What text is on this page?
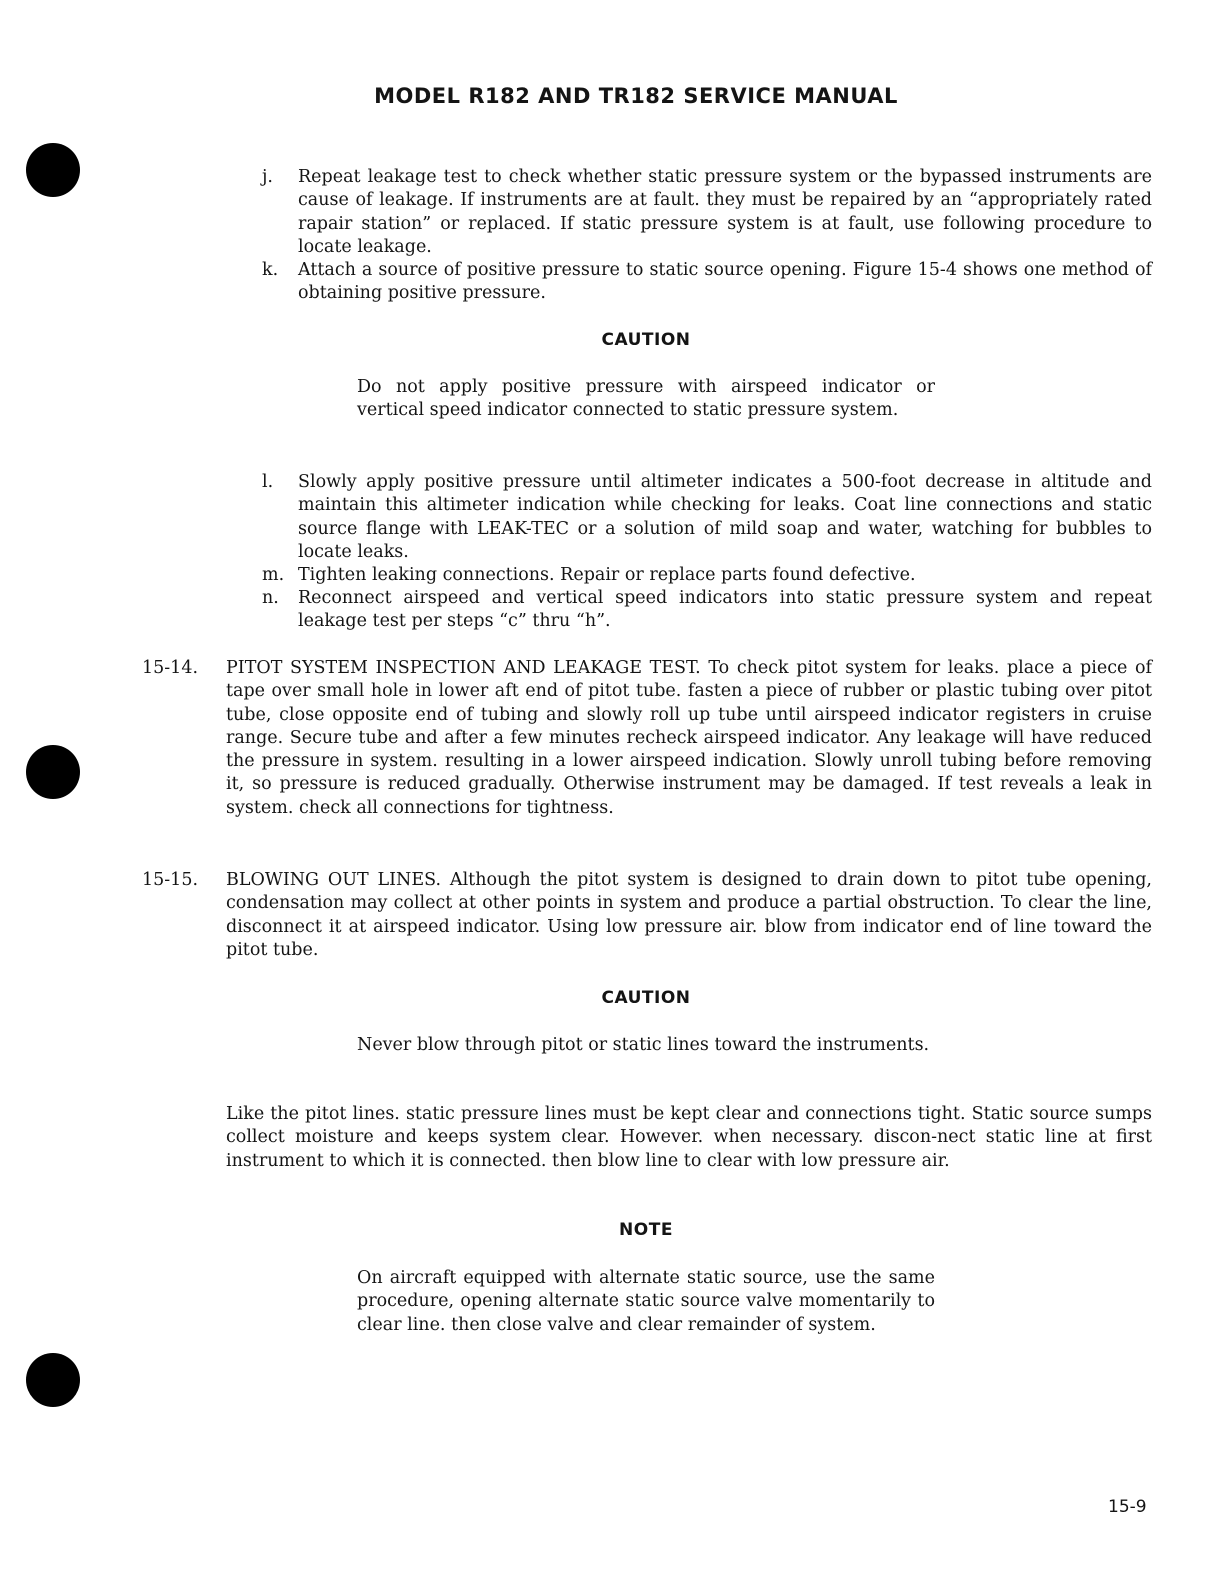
MODEL R182 AND TR182 SERVICE MANUAL
j. Repeat leakage test to check whether static pressure system or the bypassed instruments are cause of leakage. If instruments are at fault. they must be repaired by an “appropriately rated rapair station” or replaced. If static pressure system is at fault, use following procedure to locate leakage.
k. Attach a source of positive pressure to static source opening. Figure 15-4 shows one method of obtaining positive pressure.
CAUTION
Do not apply positive pressure with airspeed indicator or vertical speed indicator connected to static pressure system.
l. Slowly apply positive pressure until altimeter indicates a 500-foot decrease in altitude and maintain this altimeter indication while checking for leaks. Coat line connections and static source flange with LEAK-TEC or a solution of mild soap and water, watching for bubbles to locate leaks.
m. Tighten leaking connections. Repair or replace parts found defective.
n. Reconnect airspeed and vertical speed indicators into static pressure system and repeat leakage test per steps “c” thru “h”.
15-14. PITOT SYSTEM INSPECTION AND LEAKAGE TEST. To check pitot system for leaks. place a piece of tape over small hole in lower aft end of pitot tube. fasten a piece of rubber or plastic tubing over pitot tube, close opposite end of tubing and slowly roll up tube until airspeed indicator registers in cruise range. Secure tube and after a few minutes recheck airspeed indicator. Any leakage will have reduced the pressure in system. resulting in a lower airspeed indication. Slowly unroll tubing before removing it, so pressure is reduced gradually. Otherwise instrument may be damaged. If test reveals a leak in system. check all connections for tightness.
15-15. BLOWING OUT LINES. Although the pitot system is designed to drain down to pitot tube opening, condensation may collect at other points in system and produce a partial obstruction. To clear the line, disconnect it at airspeed indicator. Using low pressure air. blow from indicator end of line toward the pitot tube.
CAUTION
Never blow through pitot or static lines toward the instruments.
Like the pitot lines. static pressure lines must be kept clear and connections tight. Static source sumps collect moisture and keeps system clear. However. when necessary. discon-nect static line at first instrument to which it is connected. then blow line to clear with low pressure air.
NOTE
On aircraft equipped with alternate static source, use the same procedure, opening alternate static source valve momentarily to clear line. then close valve and clear remainder of system.
15-9
